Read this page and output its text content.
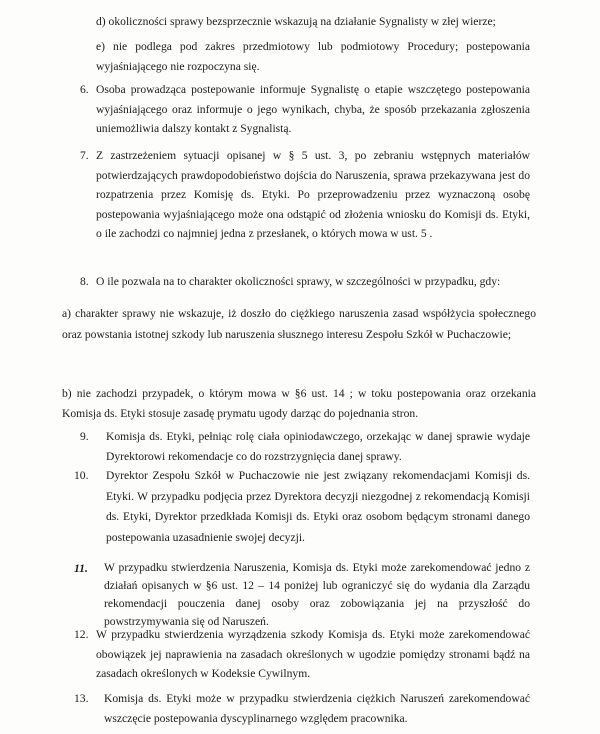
d) okoliczności sprawy bezsprzecznie wskazują na działanie Sygnalisty w złej wierze;
e) nie podlega pod zakres przedmiotowy lub podmiotowy Procedury; postepowania wyjaśniającego nie rozpoczyna się.
6. Osoba prowadząca postepowanie informuje Sygnalistę o etapie wszczętego postepowania wyjaśniającego oraz informuje o jego wynikach, chyba, że sposób przekazania zgłoszenia uniemożliwia dalszy kontakt z Sygnalistą.
7. Z zastrzeżeniem sytuacji opisanej w § 5 ust. 3, po zebraniu wstępnych materiałów potwierdzających prawdopodobieństwo dojścia do Naruszenia, sprawa przekazywana jest do rozpatrzenia przez Komisję ds. Etyki. Po przeprowadzeniu przez wyznaczoną osobę postepowania wyjaśniającego może ona odstąpić od złożenia wniosku do Komisji ds. Etyki, o ile zachodzi co najmniej jedna z przesłanek, o których mowa w ust. 5 .
8. O ile pozwala na to charakter okoliczności sprawy, w szczególności w przypadku, gdy:
a) charakter sprawy nie wskazuje, iż doszło do ciężkiego naruszenia zasad współżycia społecznego oraz powstania istotnej szkody lub naruszenia słusznego interesu Zespołu Szkół w Puchaczowie;
b) nie zachodzi przypadek, o którym mowa w §6 ust. 14 ; w toku postepowania oraz orzekania Komisja ds. Etyki stosuje zasadę prymatu ugody darząc do pojednania stron.
9. Komisja ds. Etyki, pełniąc rolę ciała opiniodawczego, orzekając w danej sprawie wydaje Dyrektorowi rekomendacje co do rozstrzygnięcia danej sprawy.
10. Dyrektor Zespołu Szkół w Puchaczowie nie jest związany rekomendacjami Komisji ds. Etyki. W przypadku podjęcia przez Dyrektora decyzji niezgodnej z rekomendacją Komisji ds. Etyki, Dyrektor przedkłada Komisji ds. Etyki oraz osobom będącym stronami danego postepowania uzasadnienie swojej decyzji.
11. W przypadku stwierdzenia Naruszenia, Komisja ds. Etyki może zarekomendować jedno z działań opisanych w §6 ust. 12 – 14 poniżej lub ograniczyć się do wydania dla Zarządu rekomendacji pouczenia danej osoby oraz zobowiązania jej na przyszłość do powstrzymywania się od Naruszeń.
12. W przypadku stwierdzenia wyrządzenia szkody Komisja ds. Etyki może zarekomendować obowiązek jej naprawienia na zasadach określonych w ugodzie pomiędzy stronami bądź na zasadach określonych w Kodeksie Cywilnym.
13. Komisja ds. Etyki może w przypadku stwierdzenia ciężkich Naruszeń zarekomendować wszczęcie postepowania dyscyplinarnego względem pracownika.
